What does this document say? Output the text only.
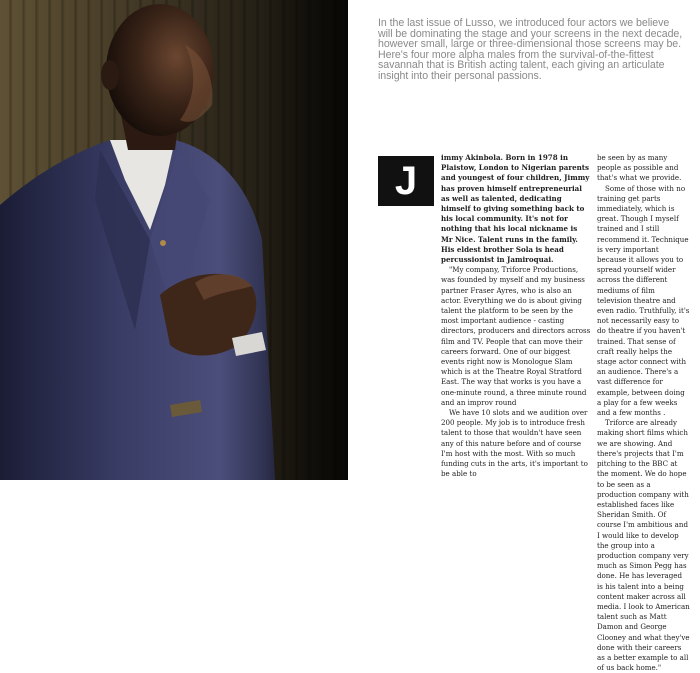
In the last issue of Lusso, we introduced four actors we believe will be dominating the stage and your screens in the next decade, however small, large or three-dimensional those screens may be. Here's four more alpha males from the survival-of-the-fittest savannah that is British acting talent, each giving an articulate insight into their personal passions.

J

immy Akinbola. Born in 1978 in Plaistow, London to Nigerian parents and youngest of four children, Jimmy has proven himself entrepreneurial as well as talented, dedicating himself to giving something back to his local community. It's not for nothing that his local nickname is Mr Nice. Talent runs in the family. His eldest brother Sola is head percussionist in Jamiroquai.

"My company, Triforce Productions, was founded by myself and my business partner Fraser Ayres, who is also an actor. Everything we do is about giving talent the platform to be seen by the most important audience - casting directors, producers and directors across film and TV. People that can move their careers forward. One of our biggest events right now is Monologue Slam which is at the Theatre Royal Stratford East. The way that works is you have a one-minute round, a three minute round and an improv round

We have 10 slots and we audition over 200 people. My job is to introduce fresh talent to those that wouldn't have seen any of this nature before and of course I'm host with the most. With so much funding cuts in the arts, it's important to be able to

be seen by as many people as possible and that's what we provide.

Some of those with no training get parts immediately, which is great. Though I myself trained and I still recommend it. Technique is very important because it allows you to spread yourself wider across the different mediums of film television theatre and even radio. Truthfully, it's not necessarily easy to do theatre if you haven't trained. That sense of craft really helps the stage actor connect with an audience. There's a vast difference for example, between doing a play for a few weeks and a few months .

Triforce are already making short films which we are showing. And there's projects that I'm pitching to the BBC at the moment. We do hope to be seen as a production company with established faces like Sheridan Smith. Of course I'm ambitious and I would like to develop the group into a production company very much as Simon Pegg has done. He has leveraged is his talent into a being content maker across all media. I look to American talent such as Matt Damon and George Clooney and what they've done with their careers as a better example to all of us back home."
